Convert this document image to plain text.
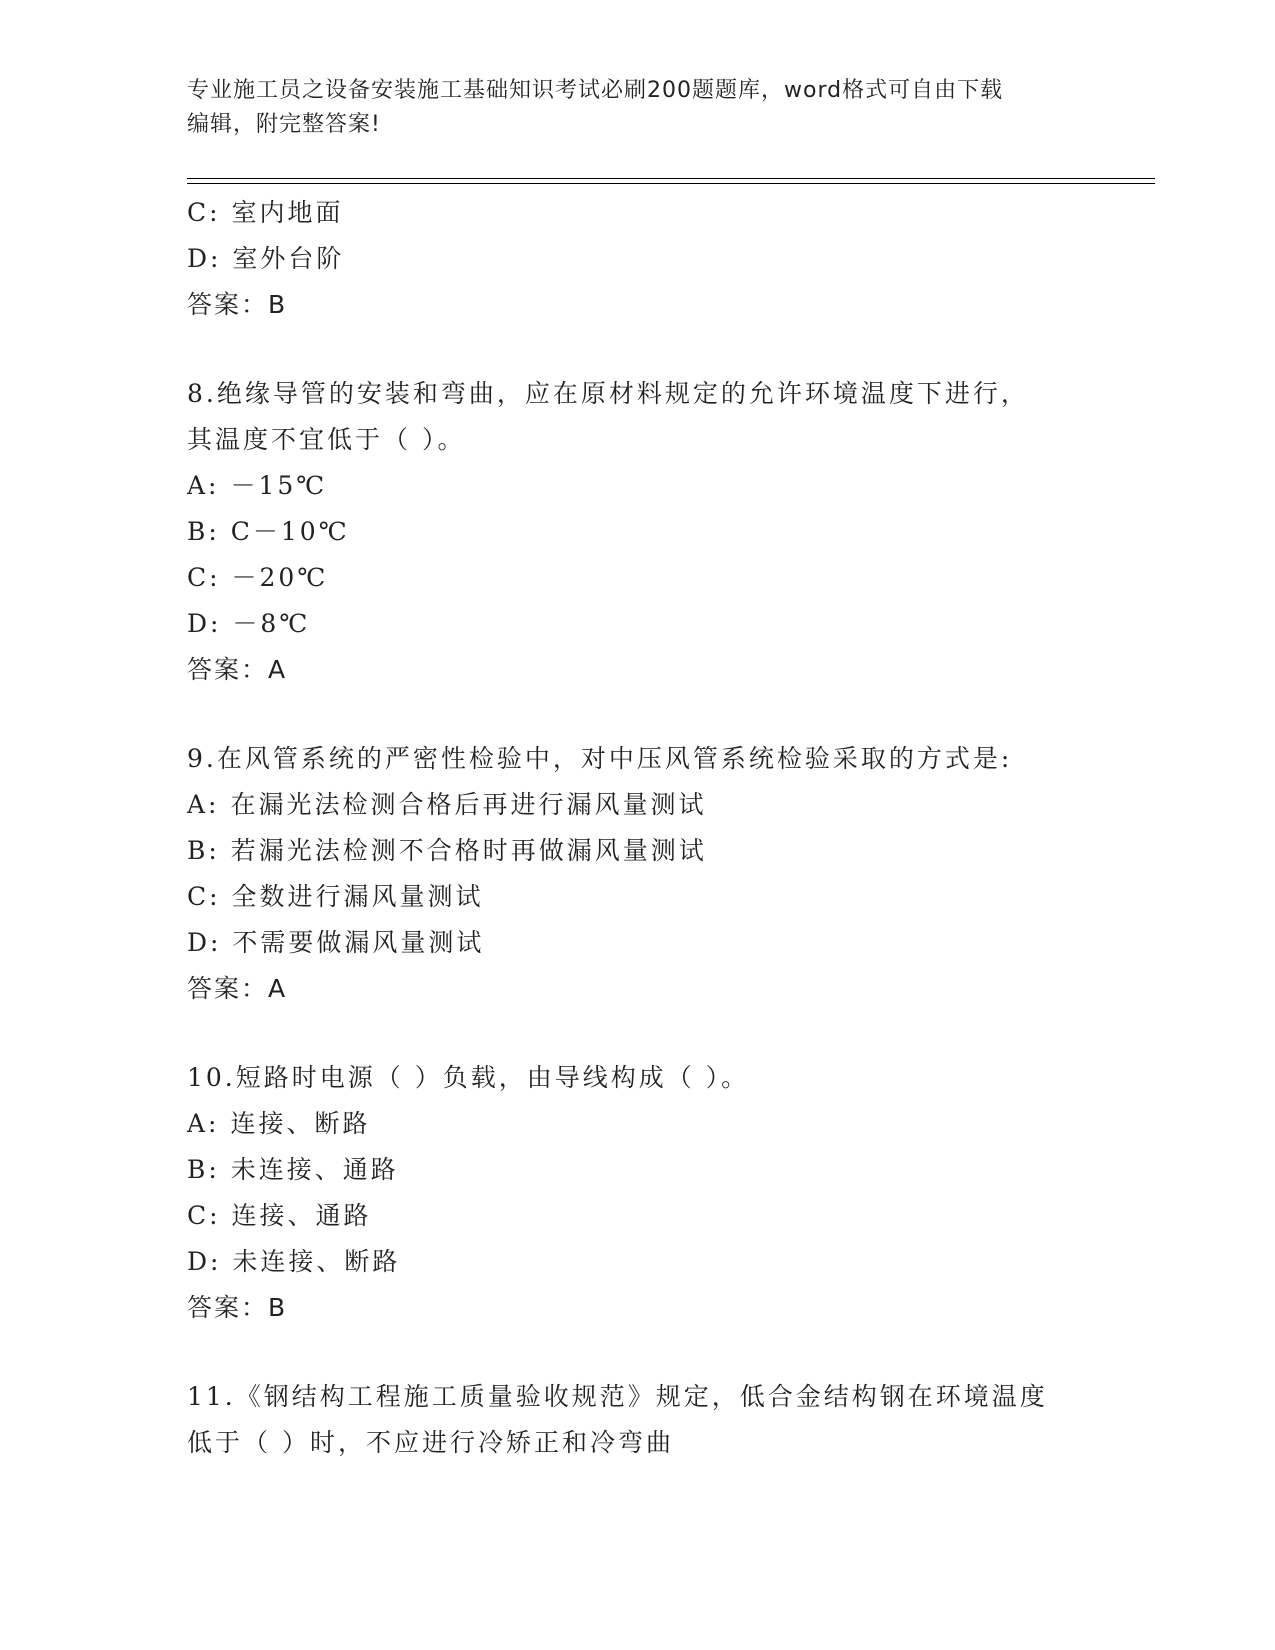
专业施工员之设备安装施工基础知识考试必刷200题题库，word格式可自由下载
编辑，附完整答案!
C: 室内地面
D: 室外台阶
答案：B
8.绝缘导管的安装和弯曲，应在原材料规定的允许环境温度下进行，
其温度不宜低于（ ）。
A: －15℃
B: C－10℃
C: －20℃
D: －8℃
答案：A
9.在风管系统的严密性检验中，对中压风管系统检验采取的方式是:
A: 在漏光法检测合格后再进行漏风量测试
B: 若漏光法检测不合格时再做漏风量测试
C: 全数进行漏风量测试
D: 不需要做漏风量测试
答案：A
10.短路时电源（ ）负载，由导线构成（ ）。
A: 连接、断路
B: 未连接、通路
C: 连接、通路
D: 未连接、断路
答案：B
11.《钢结构工程施工质量验收规范》规定，低合金结构钢在环境温度
低于（ ）时，不应进行冷矫正和冷弯曲
